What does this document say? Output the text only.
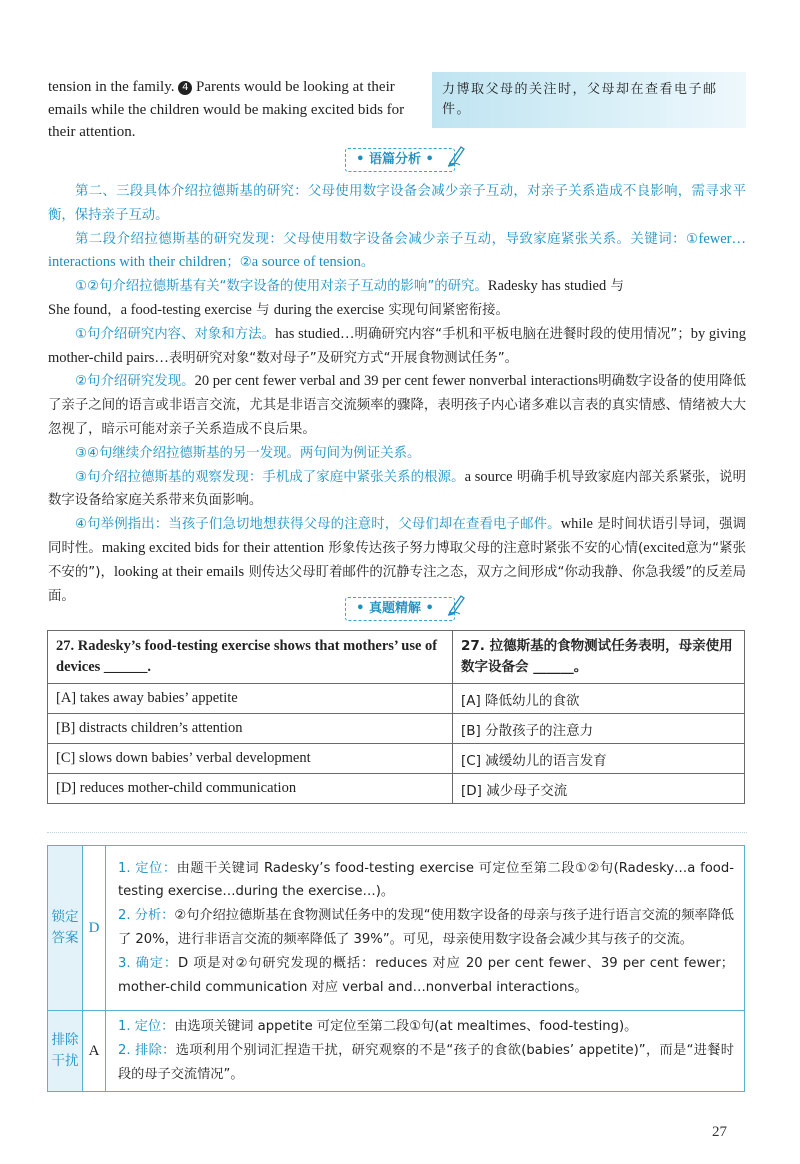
tension in the family. 4 Parents would be looking at their emails while the children would be making excited bids for their attention.
力博取父母的关注时，父母却在查看电子邮件。
• 语篇分析 •

第二、三段具体介绍拉德斯基的研究：父母使用数字设备会减少亲子互动，对亲子关系造成不良影响，需寻求平衡，保持亲子互动。

第二段介绍拉德斯基的研究发现：父母使用数字设备会减少亲子互动，导致家庭紧张关系。关键词：①fewer…interactions with their children；②a source of tension。

①②句介绍拉德斯基有关“数字设备的使用对亲子互动的影响”的研究。Radesky has studied 与
She found，a food-testing exercise 与 during the exercise 实现句间紧密衔接。

①句介绍研究内容、对象和方法。has studied…明确研究内容“手机和平板电脑在进餐时段的使用情况”；by giving mother-child pairs…表明研究对象“数对母子”及研究方式“开展食物测试任务”。

②句介绍研究发现。20 per cent fewer verbal and 39 per cent fewer nonverbal interactions明确数字设备的使用降低了亲子之间的语言或非语言交流，尤其是非语言交流频率的骤降，表明孩子内心诸多难以言表的真实情感、情绪被大大忽视了，暗示可能对亲子关系造成不良后果。

③④句继续介绍拉德斯基的另一发现。两句间为例证关系。

③句介绍拉德斯基的观察发现：手机成了家庭中紧张关系的根源。a source 明确手机导致家庭内部关系紧张，说明数字设备给家庭关系带来负面影响。

④句举例指出：当孩子们急切地想获得父母的注意时，父母们却在查看电子邮件。while 是时间状语引导词，强调同时性。making excited bids for their attention 形象传达孩子努力博取父母的注意时紧张不安的心情(excited意为“紧张不安的”)，looking at their emails 则传达父母盯着邮件的沉静专注之态，双方之间形成“你动我静、你急我缓”的反差局面。

• 真题精解 •
27. Radesky’s food-testing exercise shows that mothers’ use of devices ______.	27. 拉德斯基的食物测试任务表明，母亲使用数字设备会 ______。
[A] takes away babies’ appetite	[A] 降低幼儿的食欲
[B] distracts children’s attention	[B] 分散孩子的注意力
[C] slows down babies’ verbal development	[C] 减缓幼儿的语言发育
[D] reduces mother-child communication	[D] 减少母子交流
锁定答案	D	1. 定位：由题干关键词 Radesky’s food-testing exercise 可定位至第二段①②句(Radesky…a food-testing exercise…during the exercise…)。
2. 分析：②句介绍拉德斯基在食物测试任务中的发现“使用数字设备的母亲与孩子进行语言交流的频率降低了 20%，进行非语言交流的频率降低了 39%”。可见，母亲使用数字设备会减少其与孩子的交流。
3. 确定：D 项是对②句研究发现的概括：reduces 对应 20 per cent fewer、39 per cent fewer；mother-child communication 对应 verbal and…nonverbal interactions。

排除干扰	A	1. 定位：由选项关键词 appetite 可定位至第二段①句(at mealtimes、food-testing)。
2. 排除：选项利用个别词汇捏造干扰，研究观察的不是“孩子的食欲(babies’ appetite)”，而是“进餐时段的母子交流情况”。
27
